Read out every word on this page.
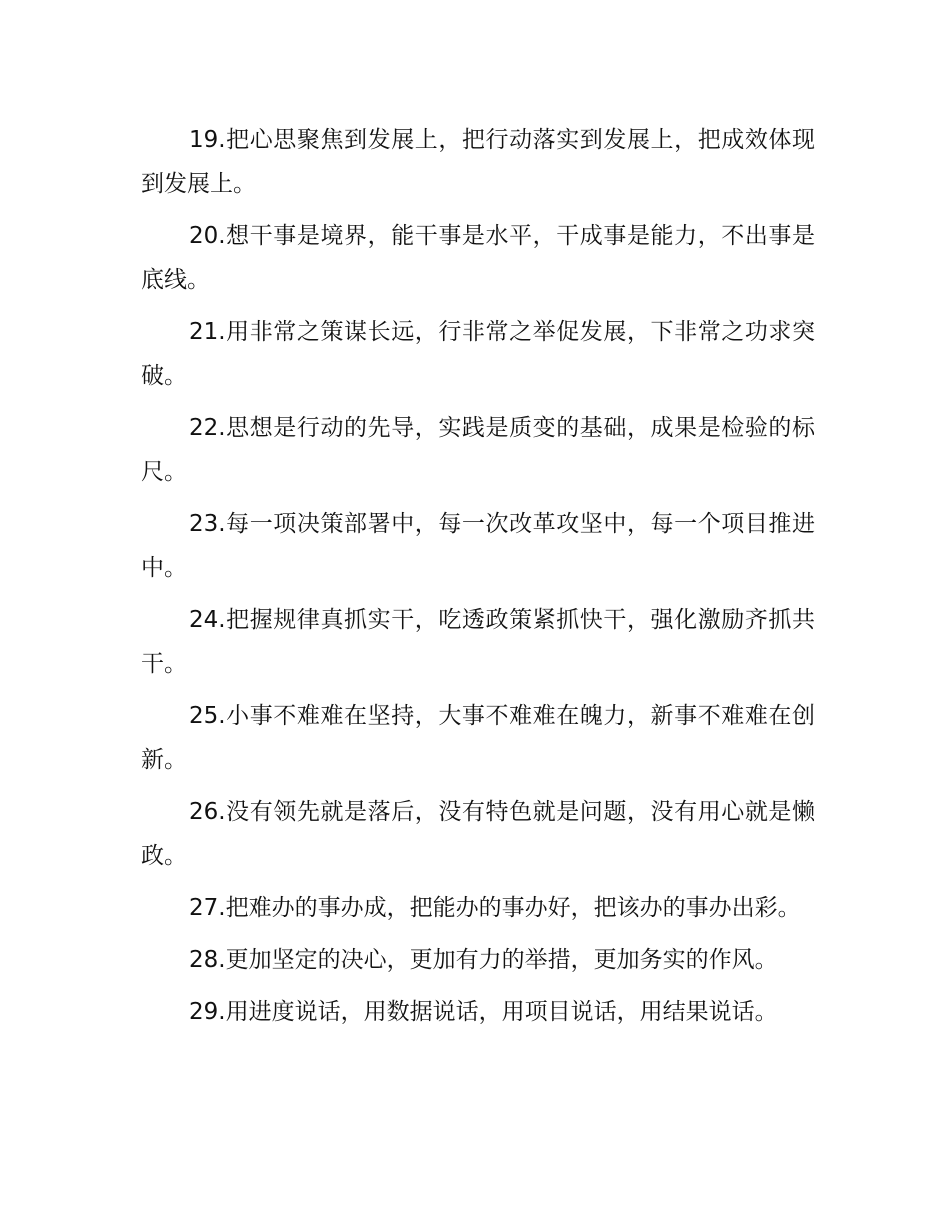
19.把心思聚焦到发展上，把行动落实到发展上，把成效体现到发展上。

20.想干事是境界，能干事是水平，干成事是能力，不出事是底线。

21.用非常之策谋长远，行非常之举促发展，下非常之功求突破。

22.思想是行动的先导，实践是质变的基础，成果是检验的标尺。

23.每一项决策部署中，每一次改革攻坚中，每一个项目推进中。

24.把握规律真抓实干，吃透政策紧抓快干，强化激励齐抓共干。

25.小事不难难在坚持，大事不难难在魄力，新事不难难在创新。

26.没有领先就是落后，没有特色就是问题，没有用心就是懒政。

27.把难办的事办成，把能办的事办好，把该办的事办出彩。

28.更加坚定的决心，更加有力的举措，更加务实的作风。

29.用进度说话，用数据说话，用项目说话，用结果说话。
